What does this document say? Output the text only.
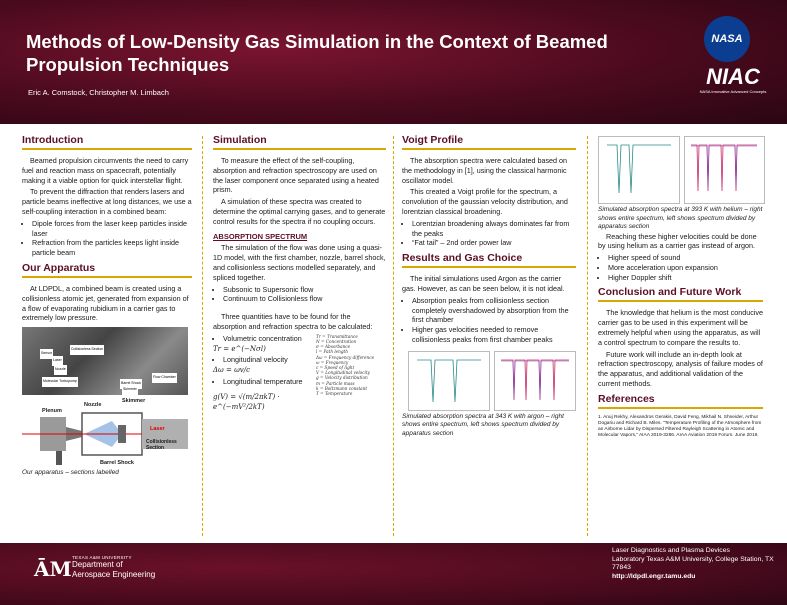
Methods of Low-Density Gas Simulation in the Context of Beamed Propulsion Techniques
Eric A. Comstock, Christopher M. Limbach
NASA
NIAC
NASA Innovative Advanced Concepts
Introduction

Beamed propulsion circumvents the need to carry fuel and reaction mass on spacecraft, potentially making it a viable option for quick interstellar flight.

To prevent the diffraction that renders lasers and particle beams ineffective at long distances, we use a self-coupling interaction in a combined beam:

• Dipole forces from the laser keep particles inside laser
• Refraction from the particles keeps light inside particle beam
Our Apparatus

At LDPDL, a combined beam is created using a collisionless atomic jet, generated from expansion of a flow of evaporating rubidium in a carrier gas to extremely low pressure.

Sensor
Collisionless Section
Laser
Nozzle
Molecular Turbopump	Barrel Shock
Skimmer
Flow Chamber
Nozzle
Skimmer
Plenum
Laser
Collisionless Section
Barrel Shock
Our apparatus – sections labelled
Simulation

To measure the effect of the self-coupling, absorption and refraction spectroscopy are used on the laser component once separated using a heated prism.

A simulation of these spectra was created to determine the optimal carrying gases, and to generate control results for the spectra if no coupling occurs.

ABSORPTION SPECTRUM

The simulation of the flow was done using a quasi-1D model, with the first chamber, nozzle, barrel shock, and collisionless sections modelled separately, and spliced together.

• Subsonic to Supersonic flow
• Continuum to Collisionless flow

Three quantities have to be found for the absorption and refraction spectra to be calculated:

Tr = Transmittance
N = Concentration
σ = Absorbance
l = Path length
Δω = Frequency difference
ω = Frequency
c = Speed of light
V = Longitudinal velocity
g = Velocity distribution
m = Particle mass
k = Boltzmann constant
T = Temperature
• Volumetric concentration
Tr = e^(−Nσl)
• Longitudinal velocity
Δω = ωv/c
• Longitudinal temperature
g(V) = √(m/2πkT) · e^(−mV²/2kT)
Voigt Profile

The absorption spectra were calculated based on the methodology in [1], using the classical harmonic oscillator model.

This created a Voigt profile for the spectrum, a convolution of the gaussian velocity distribution, and lorentzian classical broadening.

• Lorentzian broadening always dominates far from the peaks
• “Fat tail” – 2nd order power law
Results and Gas Choice

The initial simulations used Argon as the carrier gas. However, as can be seen below, it is not ideal.

• Absorption peaks from collisionless section completely overshadowed by absorption from the first chamber
• Higher gas velocities needed to remove collisionless peaks from first chamber peaks
Simulated absorption spectra at 343 K with argon – right shows entire spectrum, left shows spectrum divided by apparatus section
Simulated absorption spectra at 393 K with helium – right shows entire spectrum, left shows spectrum divided by apparatus section

Reaching these higher velocities could be done by using helium as a carrier gas instead of argon.

• Higher speed of sound
• More acceleration upon expansion
• Higher Doppler shift
Conclusion and Future Work

The knowledge that helium is the most conducive carrier gas to be used in this experiment will be extremely helpful when using the apparatus, as will a control spectrum to compare the results to.

Future work will include an in-depth look at refraction spectroscopy, analysis of failure modes of the apparatus, and additional validation of the current methods.

References
1. Anuj Rekhy, Alexandros Gerakis, David Feng, Mikhail N. Shneider, Arthur Dogariu and Richard B. Miles. “Temperature Profiling of the Atmosphere from an Airborne Lidar by Dispersed Filtered Rayleigh Scattering in Atomic and Molecular Vapors,” AIAA 2019-3286. AIAA Aviation 2019 Forum. June 2019.
ĀM TEXAS A&M UNIVERSITY
Department of
Aerospace Engineering
Laser Diagnostics and Plasma Devices
Laboratory Texas A&M University, College Station, TX 77843
http://ldpdl.engr.tamu.edu
